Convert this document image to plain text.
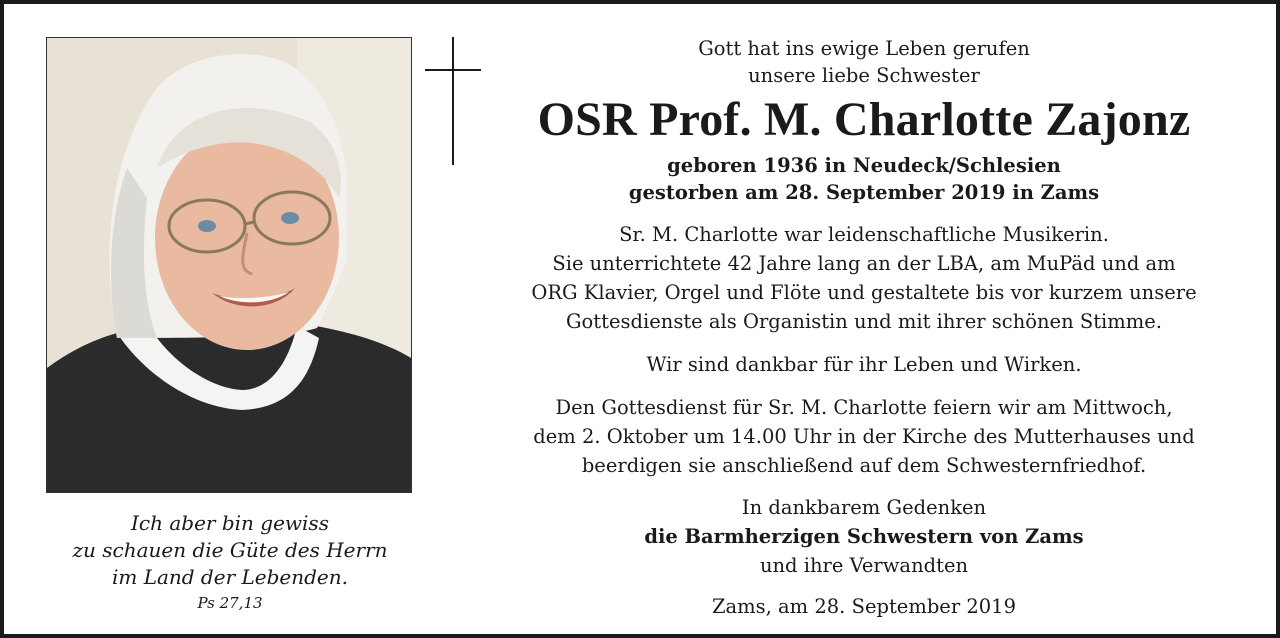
Ich aber bin gewiss
zu schauen die Güte des Herrn
im Land der Lebenden.
Ps 27,13
Gott hat ins ewige Leben gerufen
unsere liebe Schwester
OSR Prof. M. Charlotte Zajonz
geboren 1936 in Neudeck/Schlesien
gestorben am 28. September 2019 in Zams
Sr. M. Charlotte war leidenschaftliche Musikerin.
Sie unterrichtete 42 Jahre lang an der LBA, am MuPäd und am
ORG Klavier, Orgel und Flöte und gestaltete bis vor kurzem unsere
Gottesdienste als Organistin und mit ihrer schönen Stimme.
Wir sind dankbar für ihr Leben und Wirken.
Den Gottesdienst für Sr. M. Charlotte feiern wir am Mittwoch,
dem 2. Oktober um 14.00 Uhr in der Kirche des Mutterhauses und
beerdigen sie anschließend auf dem Schwesternfriedhof.
In dankbarem Gedenken
die Barmherzigen Schwestern von Zams
und ihre Verwandten
Zams, am 28. September 2019
